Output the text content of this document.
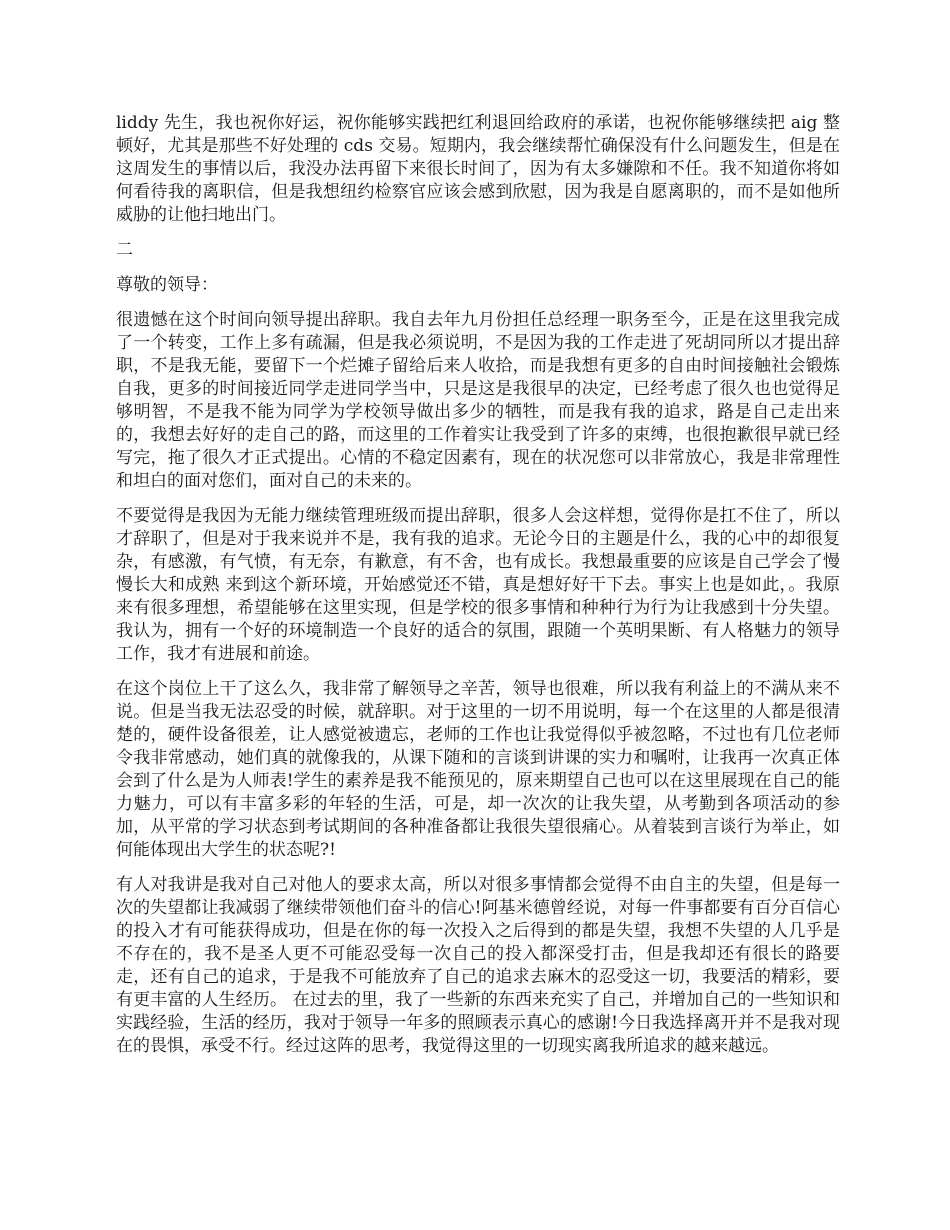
liddy 先生，我也祝你好运，祝你能够实践把红利退回给政府的承诺，也祝你能够继续把 aig 整顿好，尤其是那些不好处理的 cds 交易。短期内，我会继续帮忙确保没有什么问题发生，但是在这周发生的事情以后，我没办法再留下来很长时间了，因为有太多嫌隙和不任。我不知道你将如何看待我的离职信，但是我想纽约检察官应该会感到欣慰，因为我是自愿离职的，而不是如他所威胁的让他扫地出门。

二

尊敬的领导：

很遗憾在这个时间向领导提出辞职。我自去年九月份担任总经理一职务至今，正是在这里我完成了一个转变，工作上多有疏漏，但是我必须说明，不是因为我的工作走进了死胡同所以才提出辞职，不是我无能，要留下一个烂摊子留给后来人收拾，而是我想有更多的自由时间接触社会锻炼自我，更多的时间接近同学走进同学当中，只是这是我很早的决定，已经考虑了很久也也觉得足够明智，不是我不能为同学为学校领导做出多少的牺牲，而是我有我的追求，路是自己走出来的，我想去好好的走自己的路，而这里的工作着实让我受到了许多的束缚，也很抱歉很早就已经写完，拖了很久才正式提出。心情的不稳定因素有，现在的状况您可以非常放心，我是非常理性和坦白的面对您们，面对自己的未来的。

不要觉得是我因为无能力继续管理班级而提出辞职，很多人会这样想，觉得你是扛不住了，所以才辞职了，但是对于我来说并不是，我有我的追求。无论今日的主题是什么，我的心中的却很复杂，有感激，有气愤，有无奈，有歉意，有不舍，也有成长。我想最重要的应该是自己学会了慢慢长大和成熟 来到这个新环境，开始感觉还不错，真是想好好干下去。事实上也是如此，。我原来有很多理想，希望能够在这里实现，但是学校的很多事情和种种行为行为让我感到十分失望。我认为，拥有一个好的环境制造一个良好的适合的氛围，跟随一个英明果断、有人格魅力的领导工作，我才有进展和前途。

在这个岗位上干了这么久，我非常了解领导之辛苦，领导也很难，所以我有利益上的不满从来不说。但是当我无法忍受的时候，就辞职。对于这里的一切不用说明，每一个在这里的人都是很清楚的，硬件设备很差，让人感觉被遗忘，老师的工作也让我觉得似乎被忽略，不过也有几位老师令我非常感动，她们真的就像我的，从课下随和的言谈到讲课的实力和嘱咐，让我再一次真正体会到了什么是为人师表!学生的素养是我不能预见的，原来期望自己也可以在这里展现在自己的能力魅力，可以有丰富多彩的年轻的生活，可是，却一次次的让我失望，从考勤到各项活动的参加，从平常的学习状态到考试期间的各种准备都让我很失望很痛心。从着装到言谈行为举止，如何能体现出大学生的状态呢?!

有人对我讲是我对自己对他人的要求太高，所以对很多事情都会觉得不由自主的失望，但是每一次的失望都让我减弱了继续带领他们奋斗的信心!阿基米德曾经说，对每一件事都要有百分百信心的投入才有可能获得成功，但是在你的每一次投入之后得到的都是失望，我想不失望的人几乎是不存在的，我不是圣人更不可能忍受每一次自己的投入都深受打击，但是我却还有很长的路要走，还有自己的追求，于是我不可能放弃了自己的追求去麻木的忍受这一切，我要活的精彩，要有更丰富的人生经历。 在过去的里，我了一些新的东西来充实了自己，并增加自己的一些知识和实践经验，生活的经历，我对于领导一年多的照顾表示真心的感谢!今日我选择离开并不是我对现在的畏惧，承受不行。经过这阵的思考，我觉得这里的一切现实离我所追求的越来越远。
